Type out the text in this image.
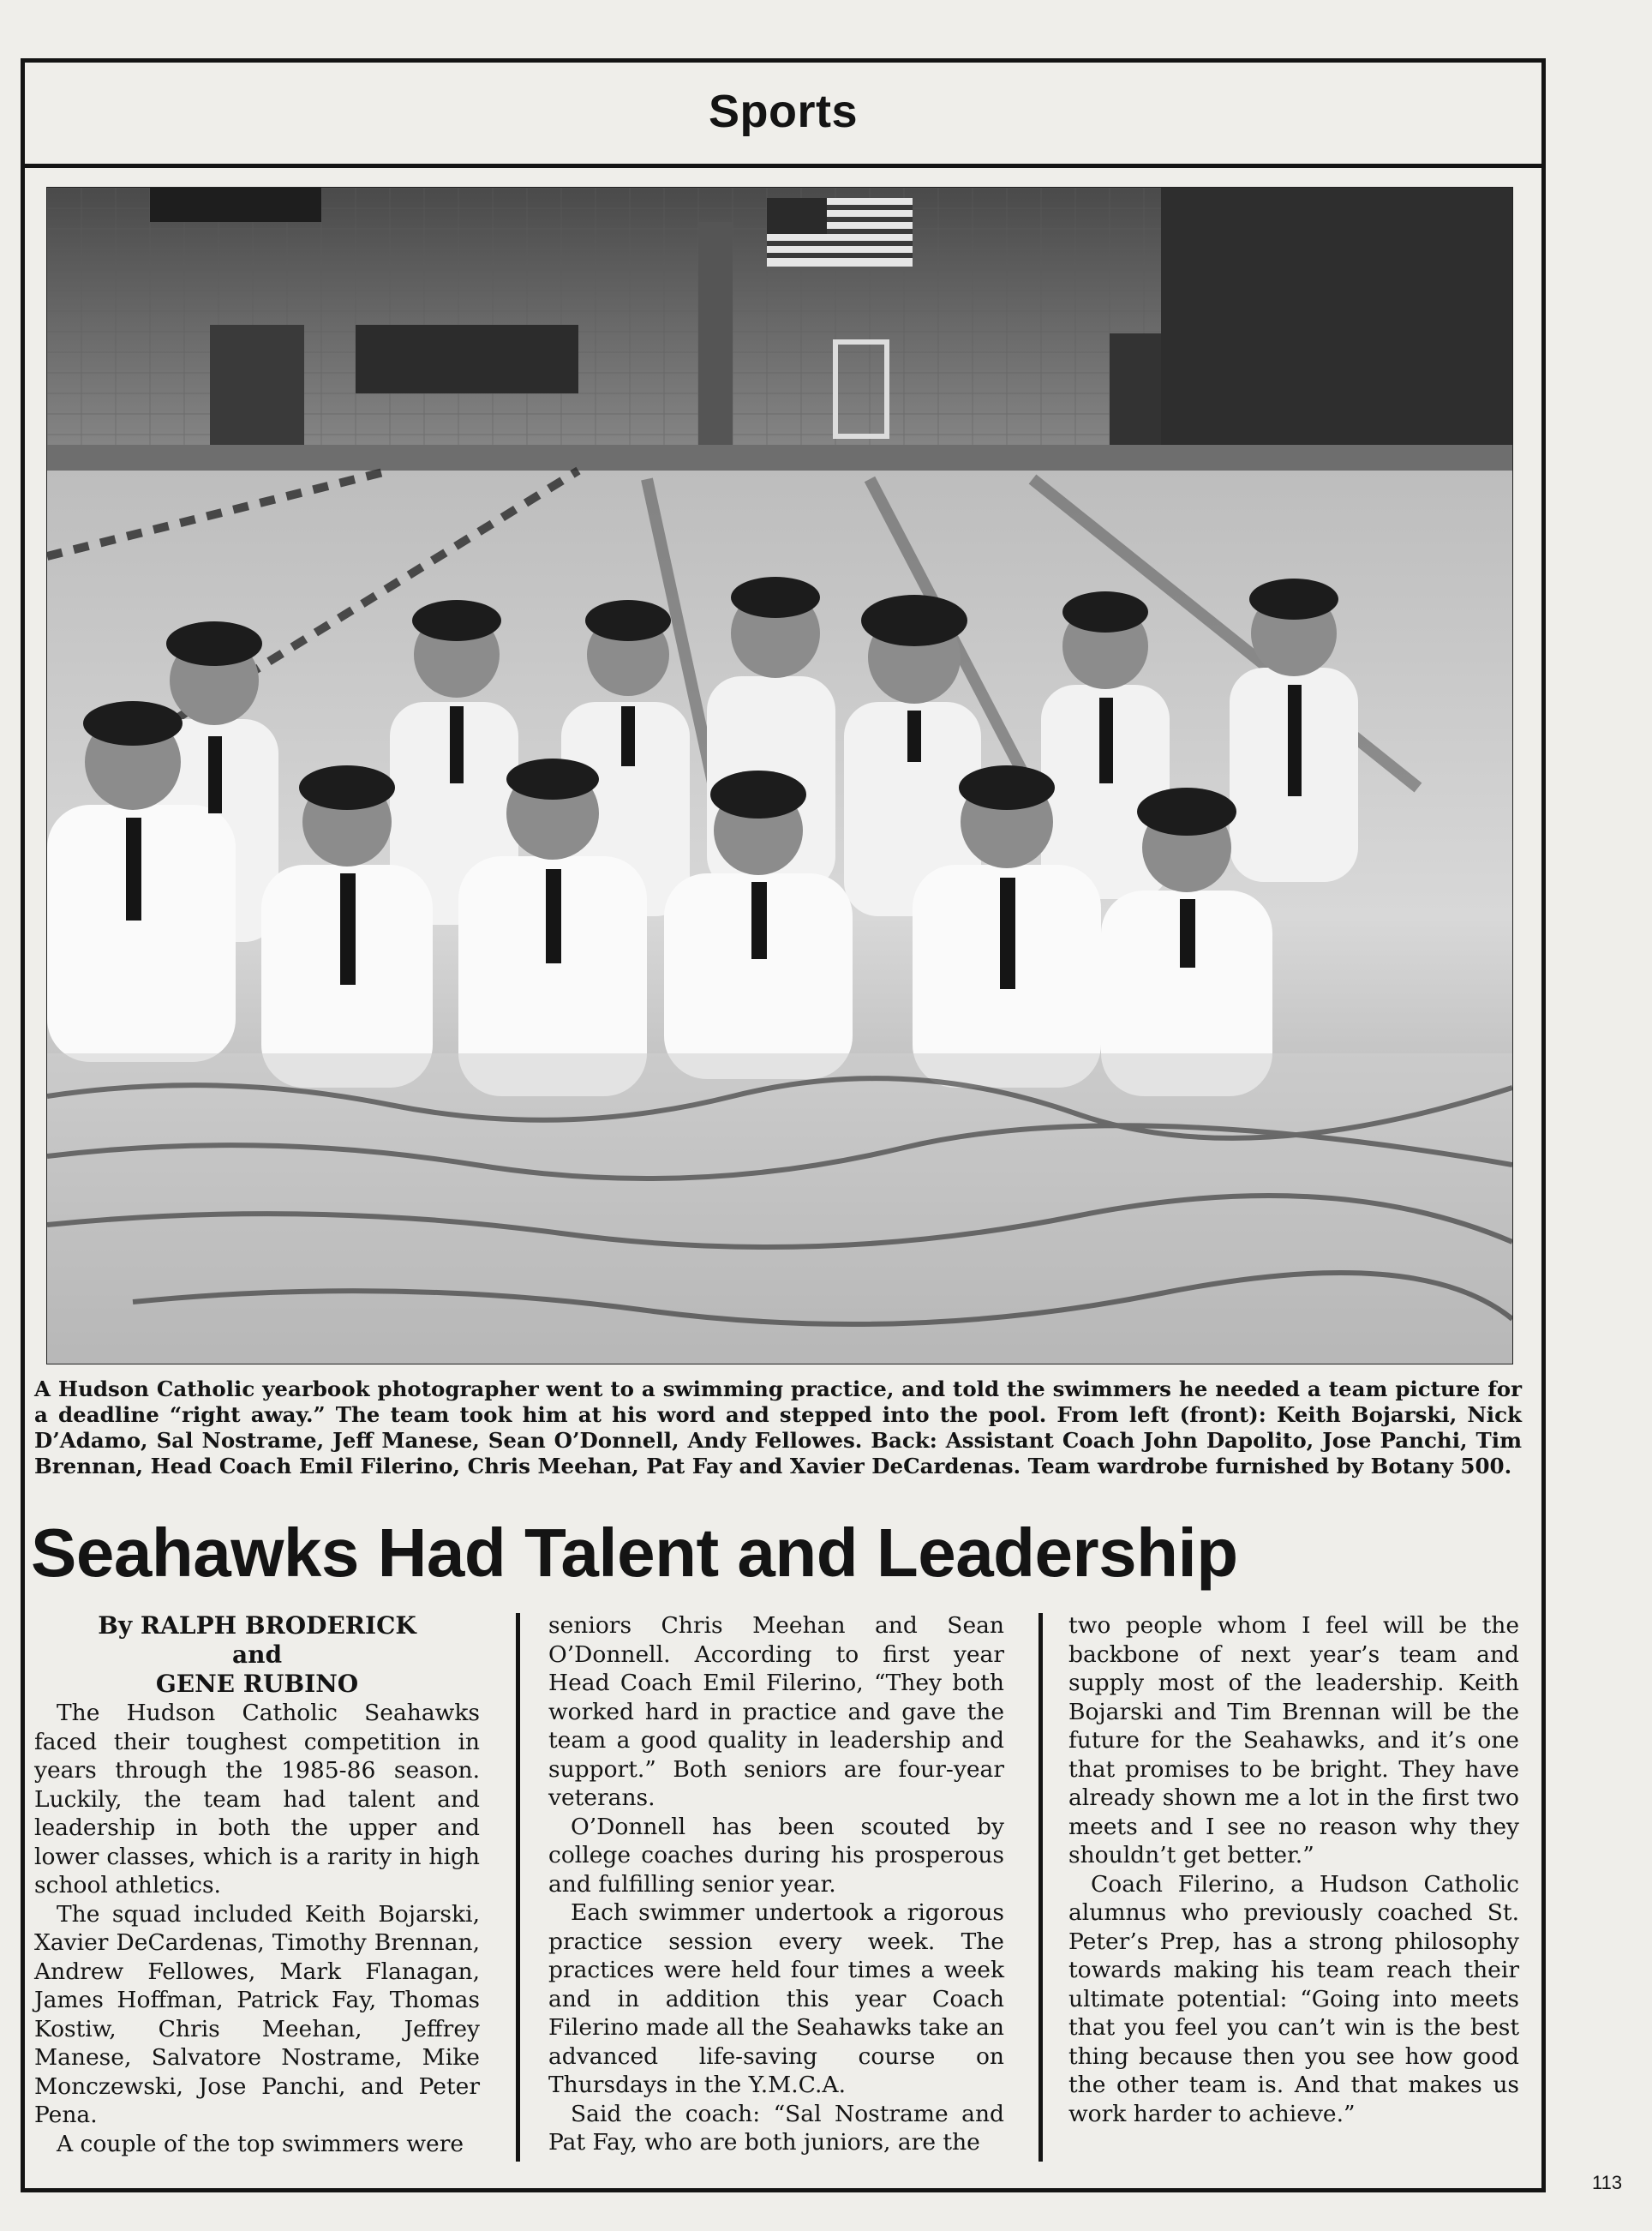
Sports

A Hudson Catholic yearbook photographer went to a swimming practice, and told the swimmers he needed a team picture for a deadline “right away.” The team took him at his word and stepped into the pool. From left (front): Keith Bojarski, Nick D’Adamo, Sal Nostrame, Jeff Manese, Sean O’Donnell, Andy Fellowes. Back: Assistant Coach John Dapolito, Jose Panchi, Tim Brennan, Head Coach Emil Filerino, Chris Meehan, Pat Fay and Xavier DeCardenas. Team wardrobe furnished by Botany 500.

Seahawks Had Talent and Leadership
By RALPH BRODERICK
and
GENE RUBINO

The Hudson Catholic Seahawks faced their toughest competition in years through the 1985-86 season. Luckily, the team had talent and leadership in both the upper and lower classes, which is a rarity in high school athletics.

The squad included Keith Bojarski, Xavier DeCardenas, Timothy Brennan, Andrew Fellowes, Mark Flanagan, James Hoffman, Patrick Fay, Thomas Kostiw, Chris Meehan, Jeffrey Manese, Salvatore Nostrame, Mike Monczewski, Jose Panchi, and Peter Pena.

A couple of the top swimmers were

seniors Chris Meehan and Sean O’Donnell. According to first year Head Coach Emil Filerino, “They both worked hard in practice and gave the team a good quality in leadership and support.” Both seniors are four-year veterans.

O’Donnell has been scouted by college coaches during his prosperous and fulfilling senior year.

Each swimmer undertook a rigorous practice session every week. The practices were held four times a week and in addition this year Coach Filerino made all the Seahawks take an advanced life-saving course on Thursdays in the Y.M.C.A.

Said the coach: “Sal Nostrame and Pat Fay, who are both juniors, are the

two people whom I feel will be the backbone of next year’s team and supply most of the leadership. Keith Bojarski and Tim Brennan will be the future for the Seahawks, and it’s one that promises to be bright. They have already shown me a lot in the first two meets and I see no reason why they shouldn’t get better.”

Coach Filerino, a Hudson Catholic alumnus who previously coached St. Peter’s Prep, has a strong philosophy towards making his team reach their ultimate potential: “Going into meets that you feel you can’t win is the best thing because then you see how good the other team is. And that makes us work harder to achieve.”

113
